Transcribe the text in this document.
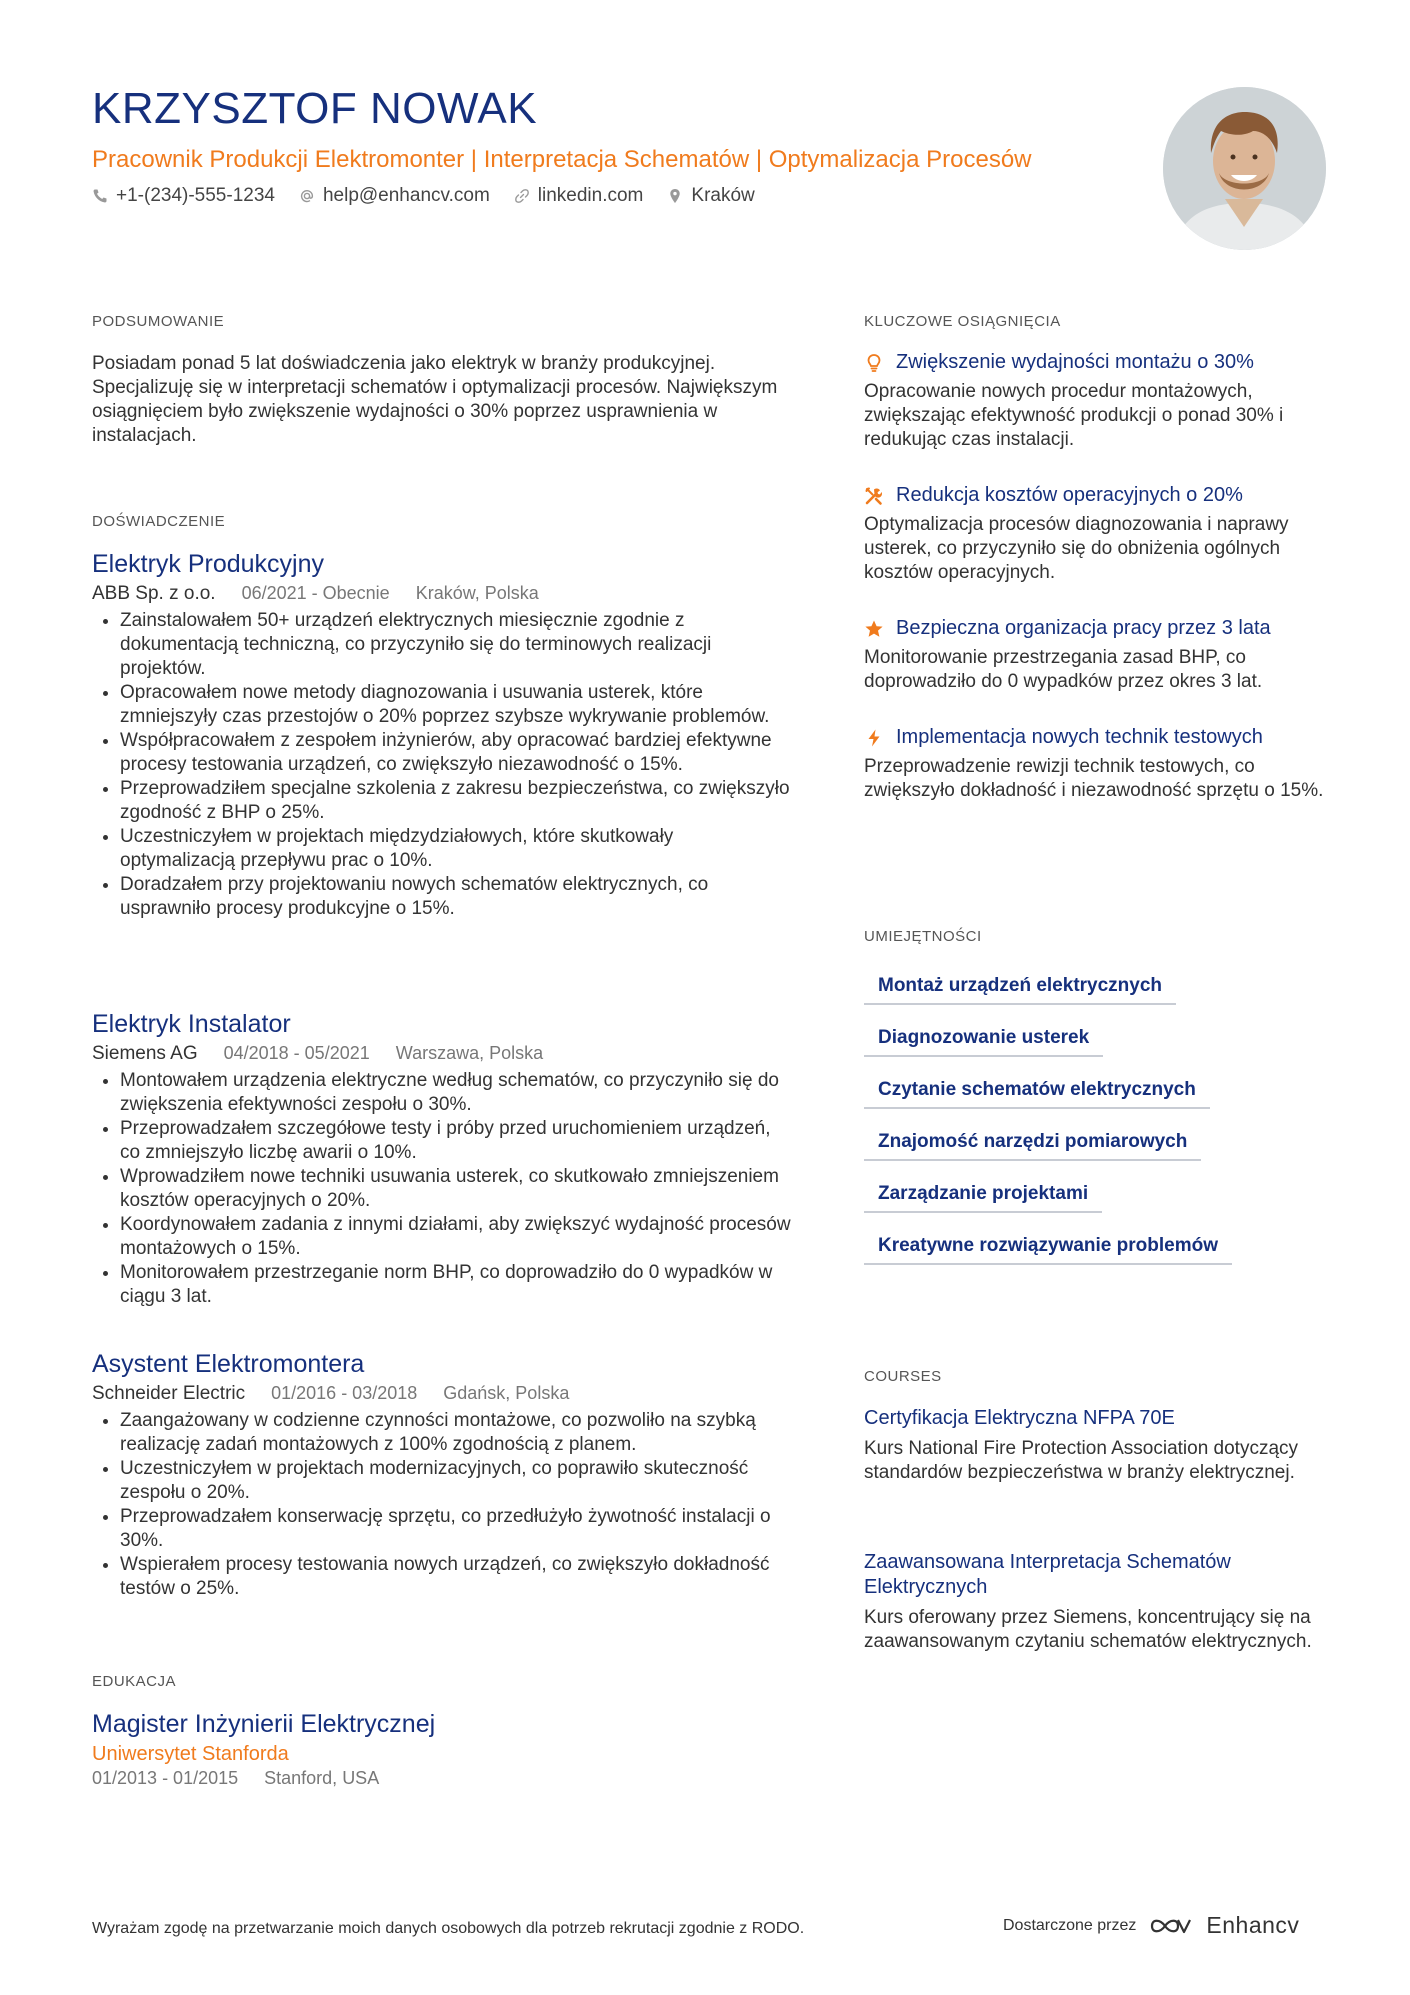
KRZYSZTOF NOWAK
Pracownik Produkcji Elektromonter | Interpretacja Schematów | Optymalizacja Procesów
+1-(234)-555-1234	help@enhancv.com	linkedin.com	Kraków
PODSUMOWANIE
Posiadam ponad 5 lat doświadczenia jako elektryk w branży produkcyjnej. Specjalizuję się w interpretacji schematów i optymalizacji procesów. Największym osiągnięciem było zwiększenie wydajności o 30% poprzez usprawnienia w instalacjach.
DOŚWIADCZENIE
Elektryk Produkcyjny
ABB Sp. z o.o. 06/2021 - Obecnie Kraków, Polska
• Zainstalowałem 50+ urządzeń elektrycznych miesięcznie zgodnie z dokumentacją techniczną, co przyczyniło się do terminowych realizacji projektów.
• Opracowałem nowe metody diagnozowania i usuwania usterek, które zmniejszyły czas przestojów o 20% poprzez szybsze wykrywanie problemów.
• Współpracowałem z zespołem inżynierów, aby opracować bardziej efektywne procesy testowania urządzeń, co zwiększyło niezawodność o 15%.
• Przeprowadziłem specjalne szkolenia z zakresu bezpieczeństwa, co zwiększyło zgodność z BHP o 25%.
• Uczestniczyłem w projektach międzydziałowych, które skutkowały optymalizacją przepływu prac o 10%.
• Doradzałem przy projektowaniu nowych schematów elektrycznych, co usprawniło procesy produkcyjne o 15%.
Elektryk Instalator
Siemens AG 04/2018 - 05/2021 Warszawa, Polska
• Montowałem urządzenia elektryczne według schematów, co przyczyniło się do zwiększenia efektywności zespołu o 30%.
• Przeprowadzałem szczegółowe testy i próby przed uruchomieniem urządzeń, co zmniejszyło liczbę awarii o 10%.
• Wprowadziłem nowe techniki usuwania usterek, co skutkowało zmniejszeniem kosztów operacyjnych o 20%.
• Koordynowałem zadania z innymi działami, aby zwiększyć wydajność procesów montażowych o 15%.
• Monitorowałem przestrzeganie norm BHP, co doprowadziło do 0 wypadków w ciągu 3 lat.
Asystent Elektromontera
Schneider Electric 01/2016 - 03/2018 Gdańsk, Polska
• Zaangażowany w codzienne czynności montażowe, co pozwoliło na szybką realizację zadań montażowych z 100% zgodnością z planem.
• Uczestniczyłem w projektach modernizacyjnych, co poprawiło skuteczność zespołu o 20%.
• Przeprowadzałem konserwację sprzętu, co przedłużyło żywotność instalacji o 30%.
• Wspierałem procesy testowania nowych urządzeń, co zwiększyło dokładność testów o 25%.
EDUKACJA
Magister Inżynierii Elektrycznej
Uniwersytet Stanforda
01/2013 - 01/2015 Stanford, USA
KLUCZOWE OSIĄGNIĘCIA
Zwiększenie wydajności montażu o 30%
Opracowanie nowych procedur montażowych, zwiększając efektywność produkcji o ponad 30% i redukując czas instalacji.
Redukcja kosztów operacyjnych o 20%
Optymalizacja procesów diagnozowania i naprawy usterek, co przyczyniło się do obniżenia ogólnych kosztów operacyjnych.
Bezpieczna organizacja pracy przez 3 lata
Monitorowanie przestrzegania zasad BHP, co doprowadziło do 0 wypadków przez okres 3 lat.
Implementacja nowych technik testowych
Przeprowadzenie rewizji technik testowych, co zwiększyło dokładność i niezawodność sprzętu o 15%.
UMIEJĘTNOŚCI
Montaż urządzeń elektrycznych
Diagnozowanie usterek
Czytanie schematów elektrycznych
Znajomość narzędzi pomiarowych
Zarządzanie projektami
Kreatywne rozwiązywanie problemów
COURSES
Certyfikacja Elektryczna NFPA 70E
Kurs National Fire Protection Association dotyczący standardów bezpieczeństwa w branży elektrycznej.
Zaawansowana Interpretacja Schematów Elektrycznych
Kurs oferowany przez Siemens, koncentrujący się na zaawansowanym czytaniu schematów elektrycznych.
Wyrażam zgodę na przetwarzanie moich danych osobowych dla potrzeb rekrutacji zgodnie z RODO.	Dostarczone przez	Enhancv
